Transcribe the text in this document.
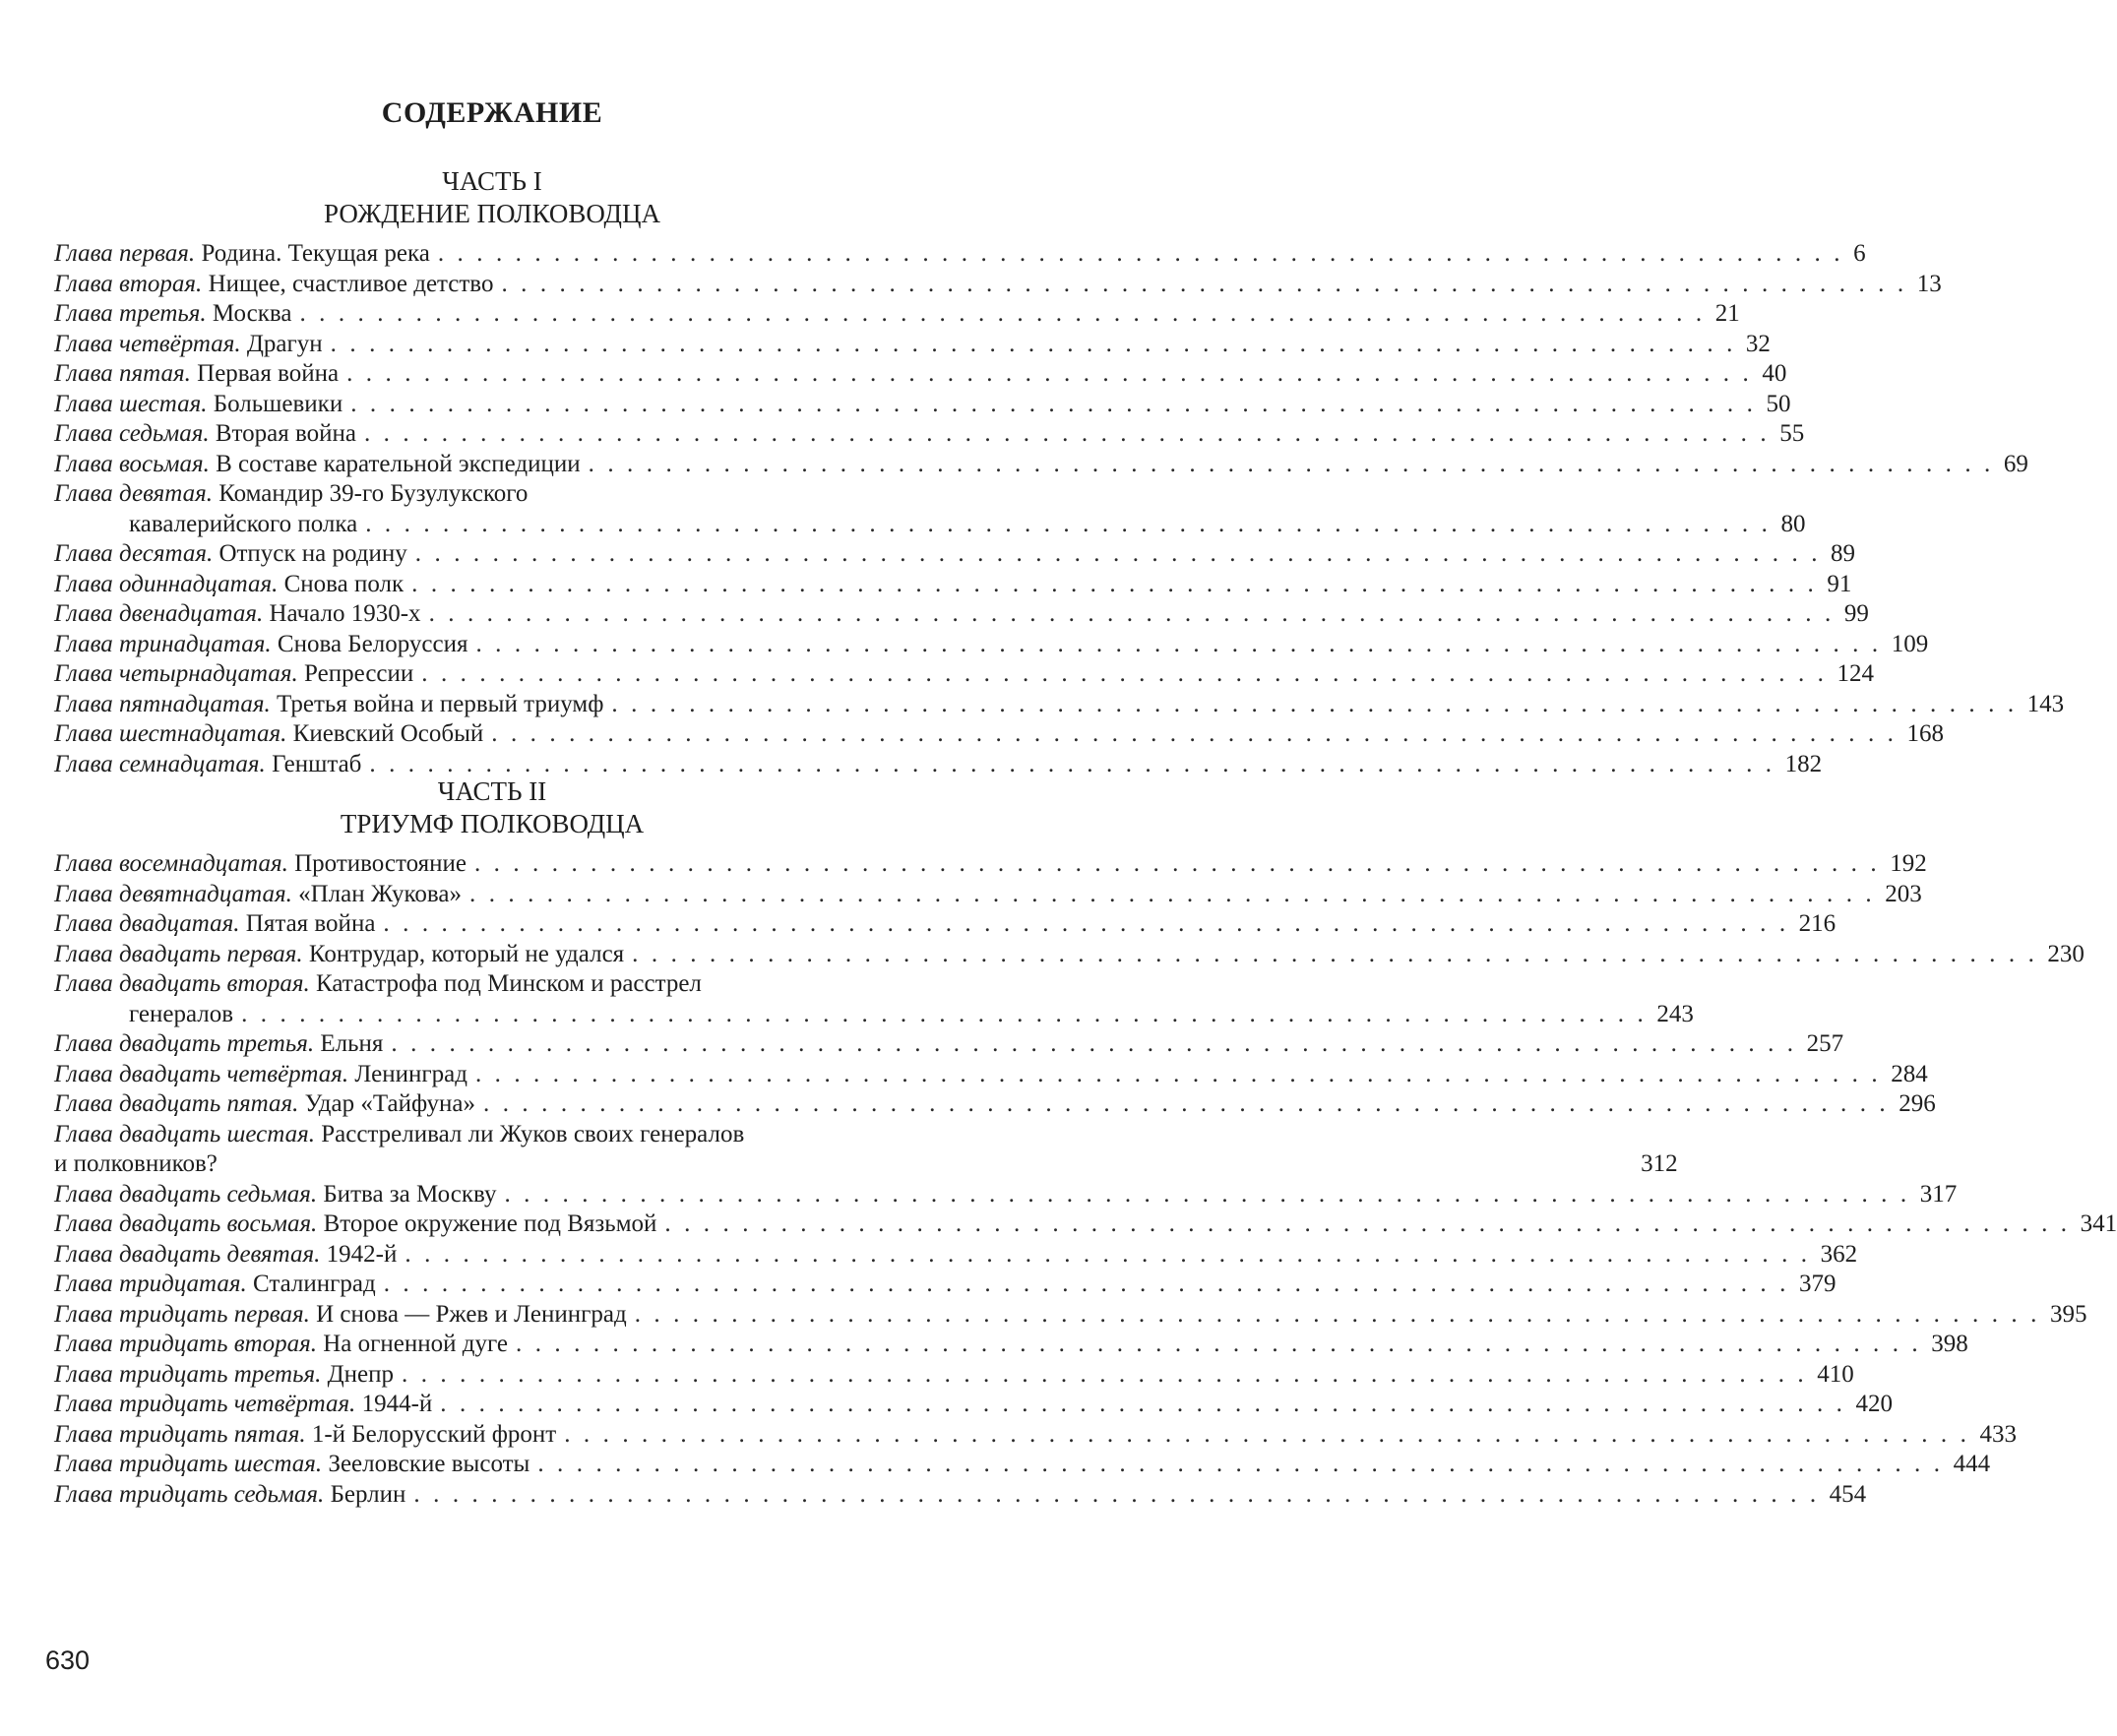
СОДЕРЖАНИЕ
ЧАСТЬ I
РОЖДЕНИЕ ПОЛКОВОДЦА
Глава первая. Родина. Текущая река . . . . . . . . . . . . . . . . . . . . . . . . . . . . . . . . . . . . . . . . . . . . . . . . . . . . . . . . . . . . . . . . . . . . . . . . . 6
Глава вторая. Нищее, счастливое детство . . . . . . . . . . . . . . . . . . . . . . . . . . . . . . . . . . . . . . . . . . . . . . . . . . . . . . . . . . . . . . . . . . . . . . . . . 13
Глава третья. Москва . . . . . . . . . . . . . . . . . . . . . . . . . . . . . . . . . . . . . . . . . . . . . . . . . . . . . . . . . . . . . . . . . . . . . . . . . 21
Глава четвёртая. Драгун . . . . . . . . . . . . . . . . . . . . . . . . . . . . . . . . . . . . . . . . . . . . . . . . . . . . . . . . . . . . . . . . . . . . . . . . . 32
Глава пятая. Первая война . . . . . . . . . . . . . . . . . . . . . . . . . . . . . . . . . . . . . . . . . . . . . . . . . . . . . . . . . . . . . . . . . . . . . . . . . 40
Глава шестая. Большевики . . . . . . . . . . . . . . . . . . . . . . . . . . . . . . . . . . . . . . . . . . . . . . . . . . . . . . . . . . . . . . . . . . . . . . . . . 50
Глава седьмая. Вторая война . . . . . . . . . . . . . . . . . . . . . . . . . . . . . . . . . . . . . . . . . . . . . . . . . . . . . . . . . . . . . . . . . . . . . . . . . 55
Глава восьмая. В составе карательной экспедиции . . . . . . . . . . . . . . . . . . . . . . . . . . . . . . . . . . . . . . . . . . . . . . . . . . . . . . . . . . . . . . . . . . . . . . . . . 69
Глава девятая. Командир 39-го Бузулукского
кавалерийского полка . . . . . . . . . . . . . . . . . . . . . . . . . . . . . . . . . . . . . . . . . . . . . . . . . . . . . . . . . . . . . . . . . . . . . . . . . 80
Глава десятая. Отпуск на родину . . . . . . . . . . . . . . . . . . . . . . . . . . . . . . . . . . . . . . . . . . . . . . . . . . . . . . . . . . . . . . . . . . . . . . . . . 89
Глава одиннадцатая. Снова полк . . . . . . . . . . . . . . . . . . . . . . . . . . . . . . . . . . . . . . . . . . . . . . . . . . . . . . . . . . . . . . . . . . . . . . . . . 91
Глава двенадцатая. Начало 1930-х . . . . . . . . . . . . . . . . . . . . . . . . . . . . . . . . . . . . . . . . . . . . . . . . . . . . . . . . . . . . . . . . . . . . . . . . . 99
Глава тринадцатая. Снова Белоруссия . . . . . . . . . . . . . . . . . . . . . . . . . . . . . . . . . . . . . . . . . . . . . . . . . . . . . . . . . . . . . . . . . . . . . . . . . 109
Глава четырнадцатая. Репрессии . . . . . . . . . . . . . . . . . . . . . . . . . . . . . . . . . . . . . . . . . . . . . . . . . . . . . . . . . . . . . . . . . . . . . . . . . 124
Глава пятнадцатая. Третья война и первый триумф . . . . . . . . . . . . . . . . . . . . . . . . . . . . . . . . . . . . . . . . . . . . . . . . . . . . . . . . . . . . . . . . . . . . . . . . . 143
Глава шестнадцатая. Киевский Особый . . . . . . . . . . . . . . . . . . . . . . . . . . . . . . . . . . . . . . . . . . . . . . . . . . . . . . . . . . . . . . . . . . . . . . . . . 168
Глава семнадцатая. Генштаб . . . . . . . . . . . . . . . . . . . . . . . . . . . . . . . . . . . . . . . . . . . . . . . . . . . . . . . . . . . . . . . . . . . . . . . . . 182
ЧАСТЬ II
ТРИУМФ ПОЛКОВОДЦА
Глава восемнадцатая. Противостояние . . . . . . . . . . . . . . . . . . . . . . . . . . . . . . . . . . . . . . . . . . . . . . . . . . . . . . . . . . . . . . . . . . . . . . . . . 192
Глава девятнадцатая. «План Жукова» . . . . . . . . . . . . . . . . . . . . . . . . . . . . . . . . . . . . . . . . . . . . . . . . . . . . . . . . . . . . . . . . . . . . . . . . . 203
Глава двадцатая. Пятая война . . . . . . . . . . . . . . . . . . . . . . . . . . . . . . . . . . . . . . . . . . . . . . . . . . . . . . . . . . . . . . . . . . . . . . . . . 216
Глава двадцать первая. Контрудар, который не удался . . . . . . . . . . . . . . . . . . . . . . . . . . . . . . . . . . . . . . . . . . . . . . . . . . . . . . . . . . . . . . . . . . . . . . . . . 230
Глава двадцать вторая. Катастрофа под Минском и расстрел
генералов . . . . . . . . . . . . . . . . . . . . . . . . . . . . . . . . . . . . . . . . . . . . . . . . . . . . . . . . . . . . . . . . . . . . . . . . . 243
Глава двадцать третья. Ельня . . . . . . . . . . . . . . . . . . . . . . . . . . . . . . . . . . . . . . . . . . . . . . . . . . . . . . . . . . . . . . . . . . . . . . . . . 257
Глава двадцать четвёртая. Ленинград . . . . . . . . . . . . . . . . . . . . . . . . . . . . . . . . . . . . . . . . . . . . . . . . . . . . . . . . . . . . . . . . . . . . . . . . . 284
Глава двадцать пятая. Удар «Тайфуна» . . . . . . . . . . . . . . . . . . . . . . . . . . . . . . . . . . . . . . . . . . . . . . . . . . . . . . . . . . . . . . . . . . . . . . . . . 296
Глава двадцать шестая. Расстреливал ли Жуков своих генералов
и полковников?	312
Глава двадцать седьмая. Битва за Москву . . . . . . . . . . . . . . . . . . . . . . . . . . . . . . . . . . . . . . . . . . . . . . . . . . . . . . . . . . . . . . . . . . . . . . . . . 317
Глава двадцать восьмая. Второе окружение под Вязьмой . . . . . . . . . . . . . . . . . . . . . . . . . . . . . . . . . . . . . . . . . . . . . . . . . . . . . . . . . . . . . . . . . . . . . . . . . 341
Глава двадцать девятая. 1942-й . . . . . . . . . . . . . . . . . . . . . . . . . . . . . . . . . . . . . . . . . . . . . . . . . . . . . . . . . . . . . . . . . . . . . . . . . 362
Глава тридцатая. Сталинград . . . . . . . . . . . . . . . . . . . . . . . . . . . . . . . . . . . . . . . . . . . . . . . . . . . . . . . . . . . . . . . . . . . . . . . . . 379
Глава тридцать первая. И снова — Ржев и Ленинград . . . . . . . . . . . . . . . . . . . . . . . . . . . . . . . . . . . . . . . . . . . . . . . . . . . . . . . . . . . . . . . . . . . . . . . . . 395
Глава тридцать вторая. На огненной дуге . . . . . . . . . . . . . . . . . . . . . . . . . . . . . . . . . . . . . . . . . . . . . . . . . . . . . . . . . . . . . . . . . . . . . . . . . 398
Глава тридцать третья. Днепр . . . . . . . . . . . . . . . . . . . . . . . . . . . . . . . . . . . . . . . . . . . . . . . . . . . . . . . . . . . . . . . . . . . . . . . . . 410
Глава тридцать четвёртая. 1944-й . . . . . . . . . . . . . . . . . . . . . . . . . . . . . . . . . . . . . . . . . . . . . . . . . . . . . . . . . . . . . . . . . . . . . . . . . 420
Глава тридцать пятая. 1-й Белорусский фронт . . . . . . . . . . . . . . . . . . . . . . . . . . . . . . . . . . . . . . . . . . . . . . . . . . . . . . . . . . . . . . . . . . . . . . . . . 433
Глава тридцать шестая. Зееловские высоты . . . . . . . . . . . . . . . . . . . . . . . . . . . . . . . . . . . . . . . . . . . . . . . . . . . . . . . . . . . . . . . . . . . . . . . . . 444
Глава тридцать седьмая. Берлин . . . . . . . . . . . . . . . . . . . . . . . . . . . . . . . . . . . . . . . . . . . . . . . . . . . . . . . . . . . . . . . . . . . . . . . . . 454
630
